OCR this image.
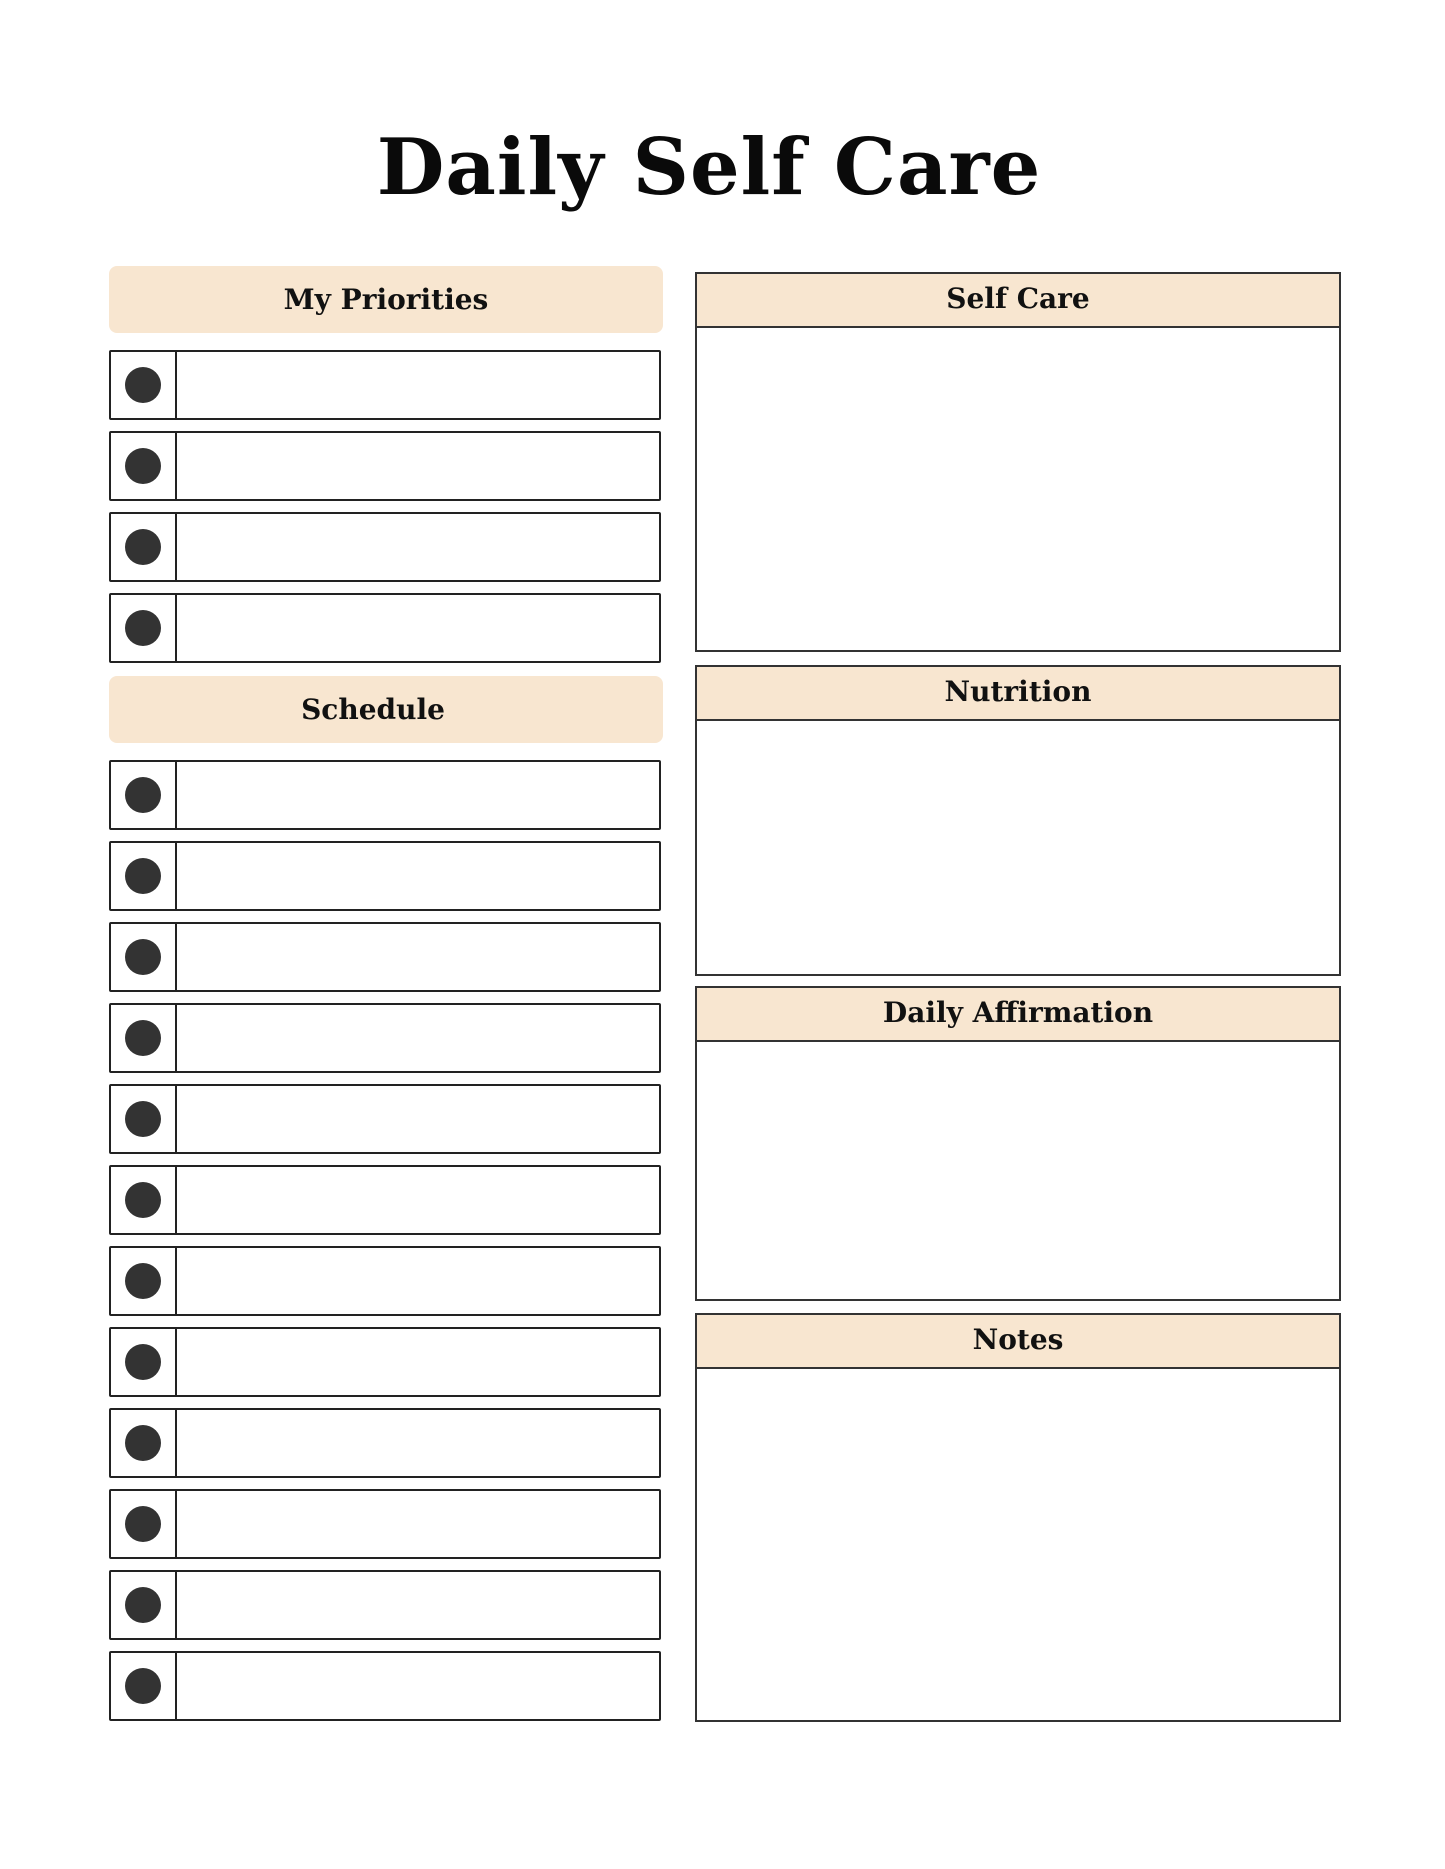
Daily Self Care
My Priorities
Schedule
Self Care
Nutrition
Daily Affirmation
Notes
